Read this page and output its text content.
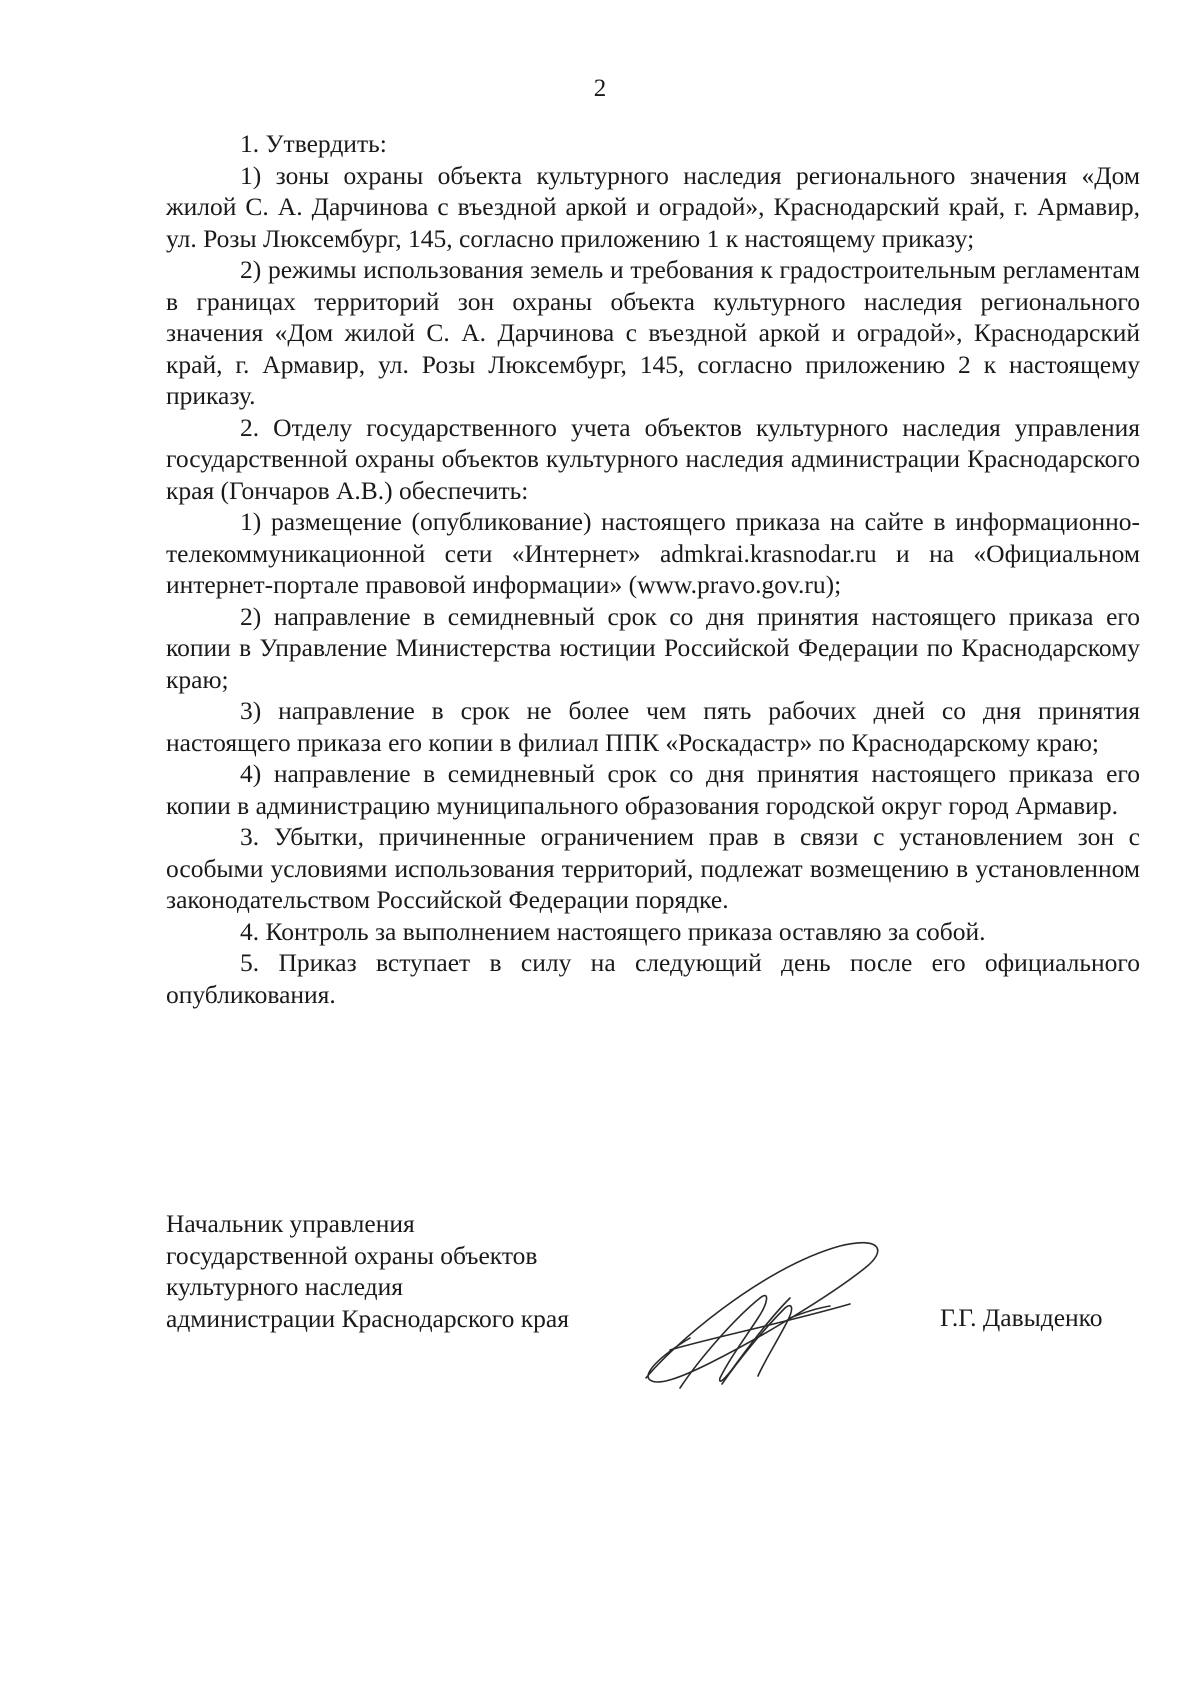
2

1. Утвердить:

1) зоны охраны объекта культурного наследия регионального значения «Дом жилой С. А. Дарчинова с въездной аркой и оградой», Краснодарский край, г. Армавир, ул. Розы Люксембург, 145, согласно приложению 1 к настоящему приказу;

2) режимы использования земель и требования к градостроительным регламентам в границах территорий зон охраны объекта культурного наследия регионального значения «Дом жилой С. А. Дарчинова с въездной аркой и оградой», Краснодарский край, г. Армавир, ул. Розы Люксембург, 145, согласно приложению 2 к настоящему приказу.

2. Отделу государственного учета объектов культурного наследия управления государственной охраны объектов культурного наследия администрации Краснодарского края (Гончаров А.В.) обеспечить:

1) размещение (опубликование) настоящего приказа на сайте в информационно-телекоммуникационной сети «Интернет» admkrai.krasnodar.ru и на «Официальном интернет-портале правовой информации» (www.pravo.gov.ru);

2) направление в семидневный срок со дня принятия настоящего приказа его копии в Управление Министерства юстиции Российской Федерации по Краснодарскому краю;

3) направление в срок не более чем пять рабочих дней со дня принятия настоящего приказа его копии в филиал ППК «Роскадастр» по Краснодарскому краю;

4) направление в семидневный срок со дня принятия настоящего приказа его копии в администрацию муниципального образования городской округ город Армавир.

3. Убытки, причиненные ограничением прав в связи с установлением зон с особыми условиями использования территорий, подлежат возмещению в установленном законодательством Российской Федерации порядке.

4. Контроль за выполнением настоящего приказа оставляю за собой.

5. Приказ вступает в силу на следующий день после его официального опубликования.

Начальник управления
государственной охраны объектов
культурного наследия
администрации Краснодарского края	Г.Г. Давыденко
